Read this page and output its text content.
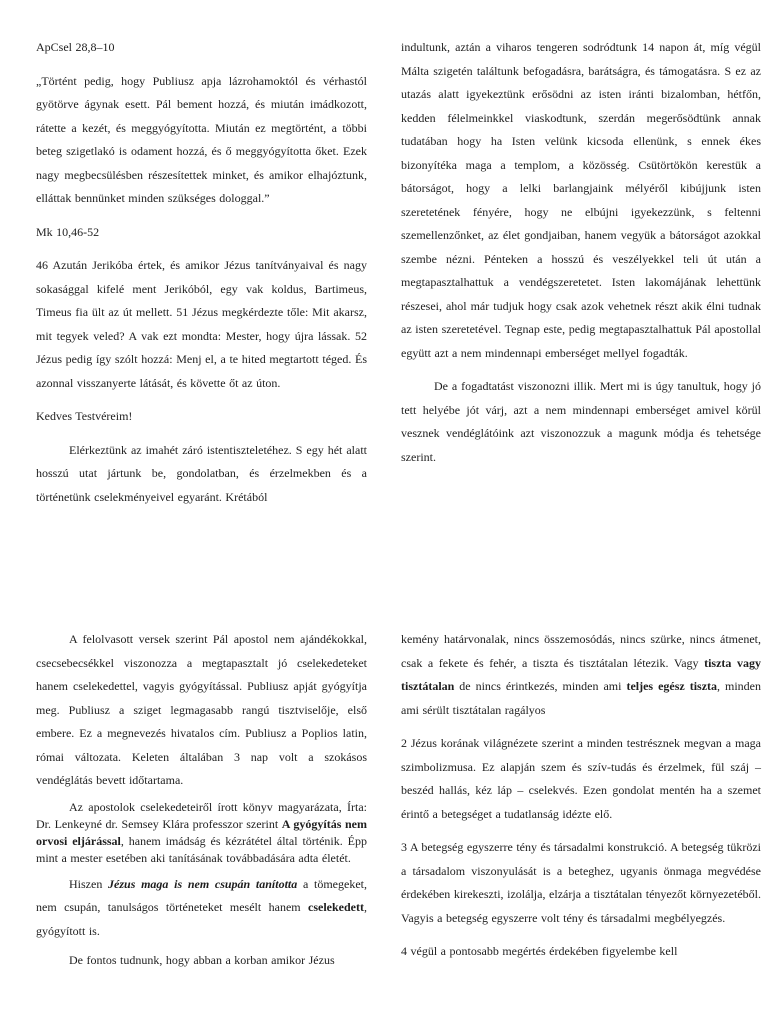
ApCsel 28,8–10

„Történt pedig, hogy Publiusz apja lázrohamoktól és vérhastól gyötörve ágynak esett. Pál bement hozzá, és miután imádkozott, rátette a kezét, és meggyógyította. Miután ez megtörtént, a többi beteg szigetlakó is odament hozzá, és ő meggyógyította őket. Ezek nagy megbecsülésben részesítettek minket, és amikor elhajóztunk, elláttak bennünket minden szükséges dologgal.”

Mk 10,46-52

46 Azután Jerikóba értek, és amikor Jézus tanítványaival és nagy sokasággal kifelé ment Jerikóból, egy vak koldus, Bartimeus, Timeus fia ült az út mellett. 51 Jézus megkérdezte tőle: Mit akarsz, mit tegyek veled? A vak ezt mondta: Mester, hogy újra lássak. 52 Jézus pedig így szólt hozzá: Menj el, a te hited megtartott téged. És azonnal visszanyerte látását, és követte őt az úton.

Kedves Testvéreim!

Elérkeztünk az imahét záró istentiszteletéhez. S egy hét alatt hosszú utat jártunk be, gondolatban, és érzelmekben és a történetünk cselekményeivel egyaránt. Krétából

indultunk, aztán a viharos tengeren sodródtunk 14 napon át, míg végül Málta szigetén találtunk befogadásra, barátságra, és támogatásra. S ez az utazás alatt igyekeztünk erősödni az isten iránti bizalomban, hétfőn, kedden félelmeinkkel viaskodtunk, szerdán megerősödtünk annak tudatában hogy ha Isten velünk kicsoda ellenünk, s ennek ékes bizonyítéka maga a templom, a közösség. Csütörtökön kerestük a bátorságot, hogy a lelki barlangjaink mélyéről kibújjunk isten szeretetének fényére, hogy ne elbújni igyekezzünk, s feltenni szemellenzőnket, az élet gondjaiban, hanem vegyük a bátorságot azokkal szembe nézni. Pénteken a hosszú és veszélyekkel teli út után a megtapasztalhattuk a vendégszeretetet. Isten lakomájának lehettünk részesei, ahol már tudjuk hogy csak azok vehetnek részt akik élni tudnak az isten szeretetével. Tegnap este, pedig megtapasztalhattuk Pál apostollal együtt azt a nem mindennapi emberséget mellyel fogadták.

De a fogadtatást viszonozni illik. Mert mi is úgy tanultuk, hogy jó tett helyébe jót várj, azt a nem mindennapi emberséget amivel körül vesznek vendéglátóink azt viszonozzuk a magunk módja és tehetsége szerint.

A felolvasott versek szerint Pál apostol nem ajándékokkal, csecsebecsékkel viszonozza a megtapasztalt jó cselekedeteket hanem cselekedettel, vagyis gyógyítással. Publiusz apját gyógyítja meg. Publiusz a sziget legmagasabb rangú tisztviselője, első embere. Ez a megnevezés hivatalos cím. Publiusz a Poplios latin, római változata. Keleten általában 3 nap volt a szokásos vendéglátás bevett időtartama.

Az apostolok cselekedeteiről írott könyv magyarázata, Írta: Dr. Lenkeyné dr. Semsey Klára professzor szerint A gyógyítás nem orvosi eljárással, hanem imádság és kézrátétel által történik. Épp mint a mester esetében aki tanításának továbbadására adta életét.

Hiszen Jézus maga is nem csupán tanította a tömegeket, nem csupán, tanulságos történeteket mesélt hanem cselekedett, gyógyított is.

De fontos tudnunk, hogy abban a korban amikor Jézus

kemény határvonalak, nincs összemosódás, nincs szürke, nincs átmenet, csak a fekete és fehér, a tiszta és tisztátalan létezik. Vagy tiszta vagy tisztátalan de nincs érintkezés, minden ami teljes egész tiszta, minden ami sérült tisztátalan ragályos

2 Jézus korának világnézete szerint a minden testrésznek megvan a maga szimbolizmusa. Ez alapján szem és szív-tudás és érzelmek, fül száj – beszéd hallás, kéz láp – cselekvés. Ezen gondolat mentén ha a szemet érintő a betegséget a tudatlanság idézte elő.

3 A betegség egyszerre tény és társadalmi konstrukció. A betegség tükrözi a társadalom viszonyulását is a beteghez, ugyanis önmaga megvédése érdekében kirekeszti, izolálja, elzárja a tisztátalan tényezőt környezetéből. Vagyis a betegség egyszerre volt tény és társadalmi megbélyegzés.

4 végül a pontosabb megértés érdekében figyelembe kell
